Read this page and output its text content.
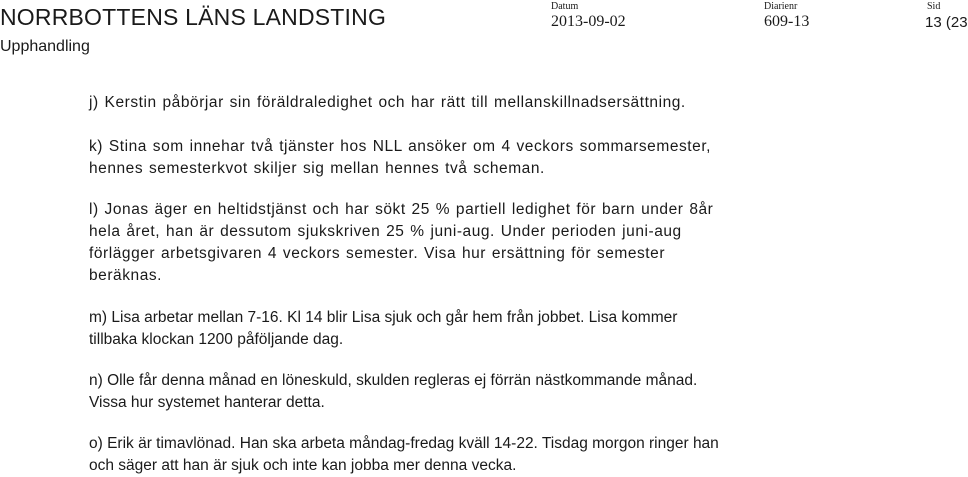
NORRBOTTENS LÄNS LANDSTING
Upphandling
Datum
2013-09-02
Diarienr
609-13
Sid
13 (23
j) Kerstin påbörjar sin föräldraledighet och har rätt till mellanskillnadsersättning.
k) Stina som innehar två tjänster hos NLL ansöker om 4 veckors sommarsemester,
hennes semesterkvot skiljer sig mellan hennes två scheman.
l) Jonas äger en heltidstjänst och har sökt 25 % partiell ledighet för barn under 8år
hela året, han är dessutom sjukskriven 25 % juni-aug. Under perioden juni-aug
förlägger arbetsgivaren 4 veckors semester. Visa hur ersättning för semester
beräknas.
m) Lisa arbetar mellan 7-16. Kl 14 blir Lisa sjuk och går hem från jobbet. Lisa kommer
tillbaka klockan 1200 påföljande dag.
n) Olle får denna månad en löneskuld, skulden regleras ej förrän nästkommande månad.
Vissa hur systemet hanterar detta.
o) Erik är timavlönad. Han ska arbeta måndag-fredag kväll 14-22. Tisdag morgon ringer han
och säger att han är sjuk och inte kan jobba mer denna vecka.
